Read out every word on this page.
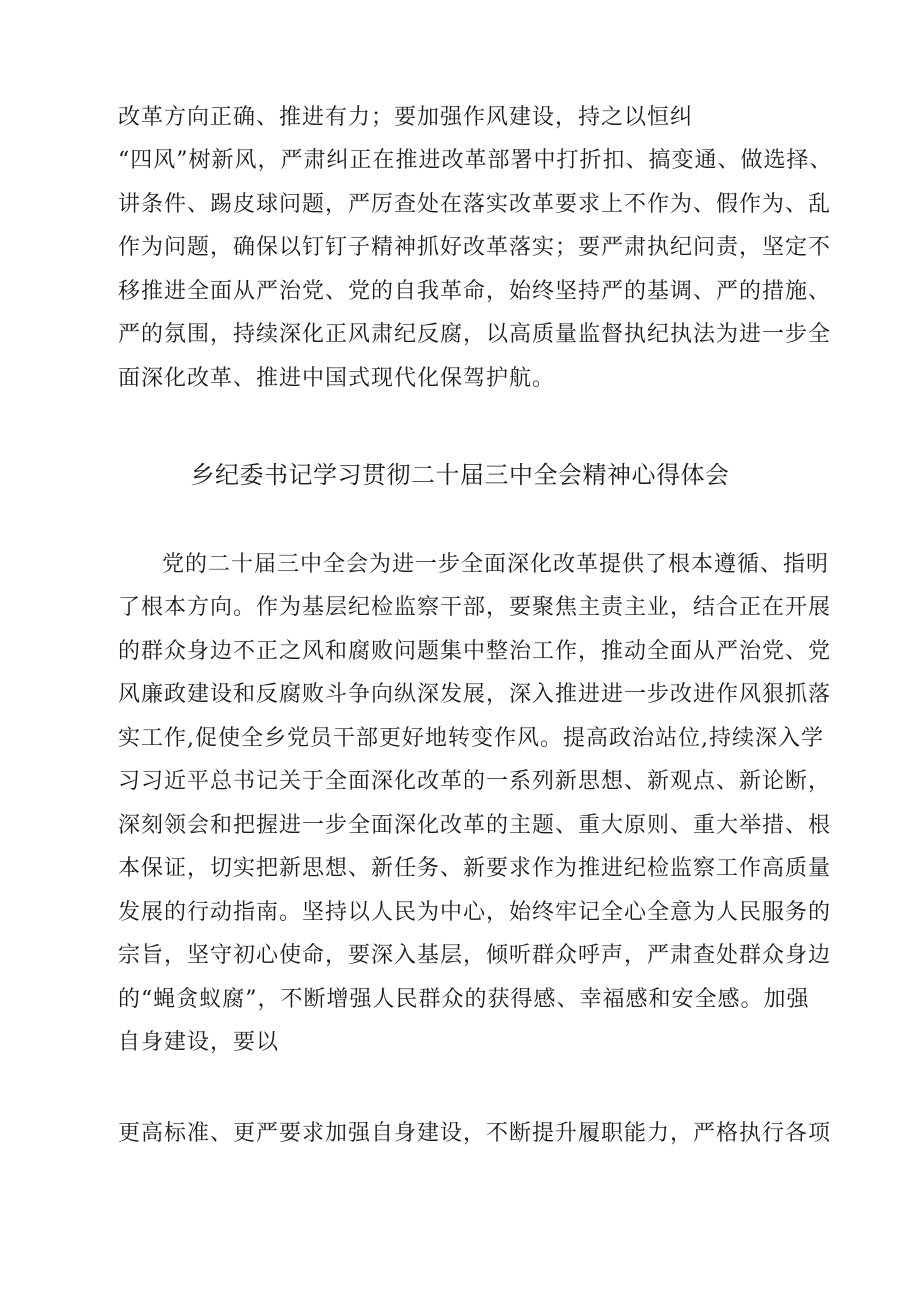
改革方向正确、推进有力；要加强作风建设，持之以恒纠
“四风”树新风，严肃纠正在推进改革部署中打折扣、搞变通、做选择、
讲条件、踢皮球问题，严厉查处在落实改革要求上不作为、假作为、乱
作为问题，确保以钉钉子精神抓好改革落实；要严肃执纪问责，坚定不
移推进全面从严治党、党的自我革命，始终坚持严的基调、严的措施、
严的氛围，持续深化正风肃纪反腐，以高质量监督执纪执法为进一步全
面深化改革、推进中国式现代化保驾护航。
乡纪委书记学习贯彻二十届三中全会精神心得体会
党的二十届三中全会为进一步全面深化改革提供了根本遵循、指明
了根本方向。作为基层纪检监察干部，要聚焦主责主业，结合正在开展
的群众身边不正之风和腐败问题集中整治工作，推动全面从严治党、党
风廉政建设和反腐败斗争向纵深发展，深入推进进一步改进作风狠抓落
实工作,促使全乡党员干部更好地转变作风。提高政治站位,持续深入学
习习近平总书记关于全面深化改革的一系列新思想、新观点、新论断，
深刻领会和把握进一步全面深化改革的主题、重大原则、重大举措、根
本保证，切实把新思想、新任务、新要求作为推进纪检监察工作高质量
发展的行动指南。坚持以人民为中心，始终牢记全心全意为人民服务的
宗旨，坚守初心使命，要深入基层，倾听群众呼声，严肃查处群众身边
的“蝇贪蚁腐”，不断增强人民群众的获得感、幸福感和安全感。加强
自身建设，要以
更高标准、更严要求加强自身建设，不断提升履职能力，严格执行各项
